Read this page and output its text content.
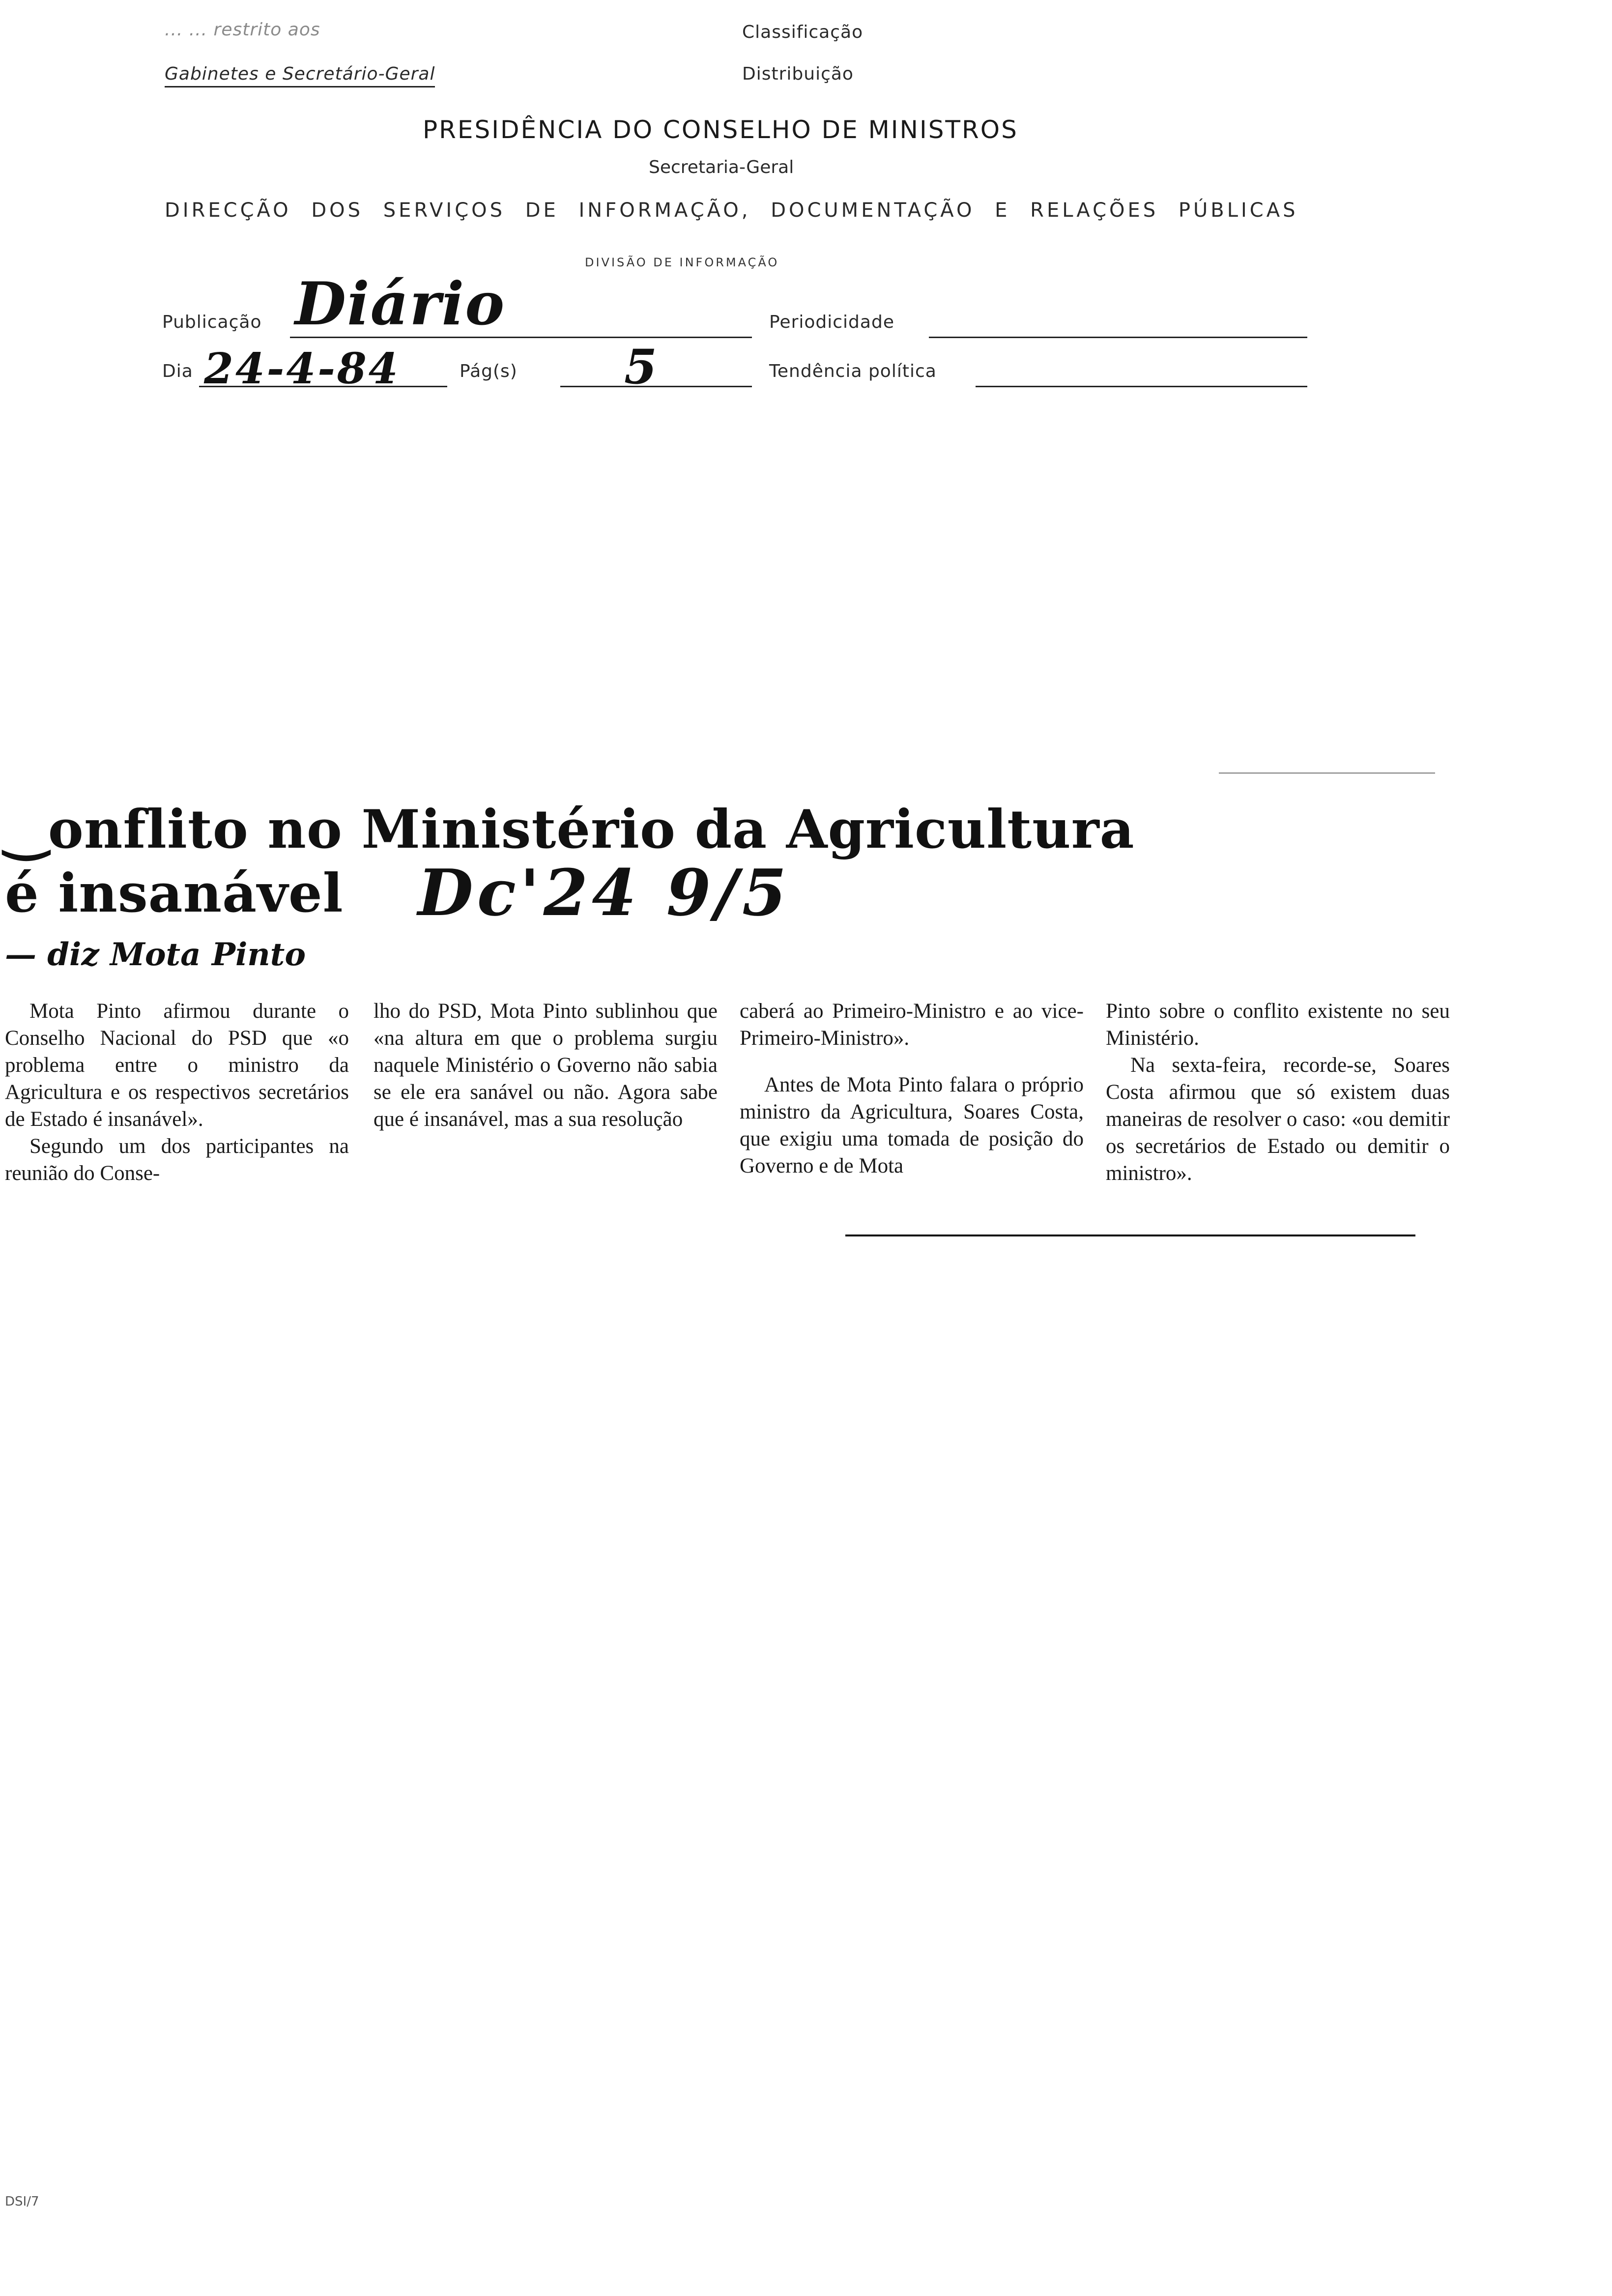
... ... restrito aos
Gabinetes e Secretário-Geral
Classificação
Distribuição
PRESIDÊNCIA DO CONSELHO DE MINISTROS
Secretaria-Geral
DIRECÇÃO DOS SERVIÇOS DE INFORMAÇÃO, DOCUMENTAÇÃO E RELAÇÕES PÚBLICAS
DIVISÃO DE INFORMAÇÃO
Publicação Diário	Periodicidade
Dia 24-4-84	Pág(s) 5	Tendência política
‿onflito no Ministério da Agricultura
é insanável Dc'24 9/5
— diz Mota Pinto

Mota Pinto afirmou durante o Conselho Nacional do PSD que «o problema entre o ministro da Agricultura e os respectivos secretários de Estado é insanável».

Segundo um dos participantes na reunião do Conse-

lho do PSD, Mota Pinto sublinhou que «na altura em que o problema surgiu naquele Ministério o Governo não sabia se ele era sanável ou não. Agora sabe que é insanável, mas a sua resolução

caberá ao Primeiro-Ministro e ao vice-Primeiro-Ministro».

Antes de Mota Pinto falara o próprio ministro da Agricultura, Soares Costa, que exigiu uma tomada de posição do Governo e de Mota

Pinto sobre o conflito existente no seu Ministério.

Na sexta-feira, recorde-se, Soares Costa afirmou que só existem duas maneiras de resolver o caso: «ou demitir os secretários de Estado ou demitir o ministro».

DSI/7
